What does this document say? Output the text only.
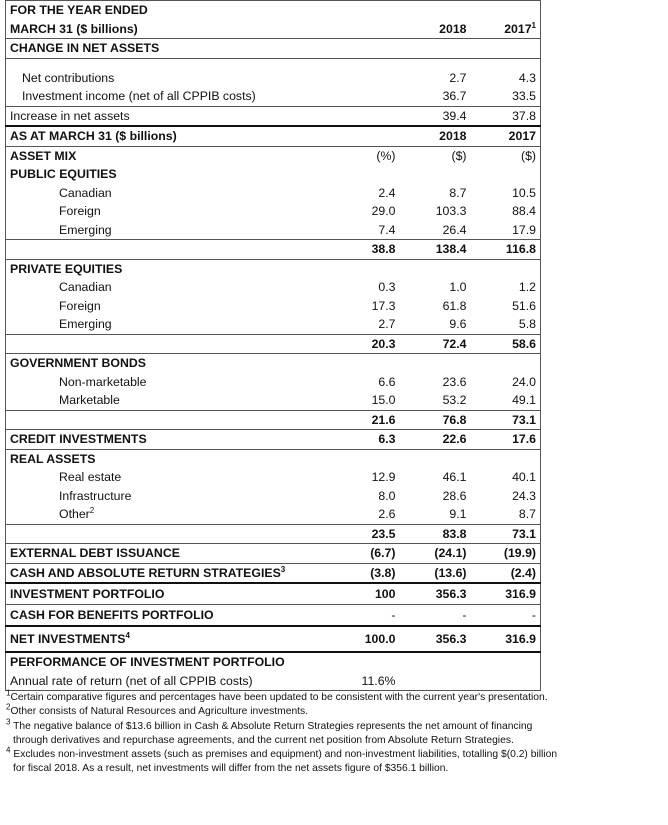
FOR THE YEAR ENDED			
MARCH 31 ($ billions)		2018	2017$^1$
CHANGE IN NET ASSETS			

Net contributions		2.7	4.3
Investment income (net of all CPPIB costs)		36.7	33.5
Increase in net assets		39.4	37.8
AS AT MARCH 31 ($ billions)		2018	2017
ASSET MIX	(%)	($)	($)
PUBLIC EQUITIES			
Canadian	2.4	8.7	10.5
Foreign	29.0	103.3	88.4
Emerging	7.4	26.4	17.9
	38.8	138.4	116.8
PRIVATE EQUITIES			
Canadian	0.3	1.0	1.2
Foreign	17.3	61.8	51.6
Emerging	2.7	9.6	5.8
	20.3	72.4	58.6
GOVERNMENT BONDS			
Non-marketable	6.6	23.6	24.0
Marketable	15.0	53.2	49.1
	21.6	76.8	73.1
CREDIT INVESTMENTS	6.3	22.6	17.6
REAL ASSETS			
Real estate	12.9	46.1	40.1
Infrastructure	8.0	28.6	24.3
Other$^2$	2.6	9.1	8.7
	23.5	83.8	73.1
EXTERNAL DEBT ISSUANCE	(6.7)	(24.1)	(19.9)
CASH AND ABSOLUTE RETURN STRATEGIES$^3$	(3.8)	(13.6)	(2.4)
INVESTMENT PORTFOLIO	100	356.3	316.9
CASH FOR BENEFITS PORTFOLIO	-	-	-
NET INVESTMENTS$^4$	100.0	356.3	316.9
PERFORMANCE OF INVESTMENT PORTFOLIO			
Annual rate of return (net of all CPPIB costs)	11.6%		
$^1$Certain comparative figures and percentages have been updated to be consistent with the current year's presentation.
$^2$Other consists of Natural Resources and Agriculture investments.
$^3$ The negative balance of $13.6 billion in Cash & Absolute Return Strategies represents the net amount of financing
through derivatives and repurchase agreements, and the current net position from Absolute Return Strategies.
$^4$ Excludes non-investment assets (such as premises and equipment) and non-investment liabilities, totalling $(0.2) billion
for fiscal 2018. As a result, net investments will differ from the net assets figure of $356.1 billion.
